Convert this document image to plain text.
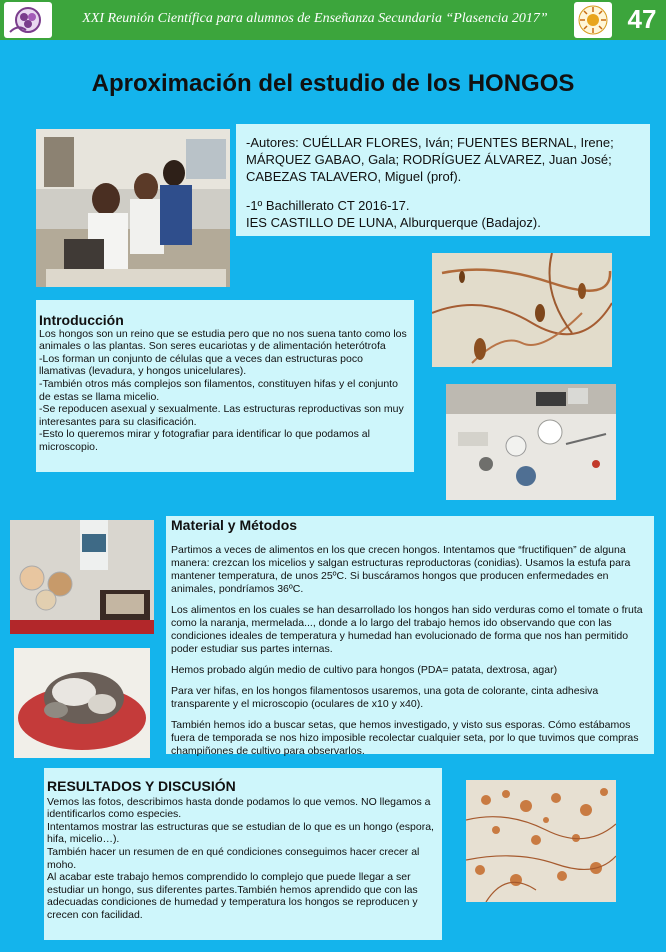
XXI Reunión Científica para alumnos de Enseñanza Secundaria “Plasencia 2017”	47
Aproximación del estudio de los HONGOS

-Autores: CUÉLLAR FLORES, Iván; FUENTES BERNAL, Irene; MÁRQUEZ GABAO, Gala; RODRÍGUEZ ÁLVAREZ, Juan José; CABEZAS TALAVERO, Miguel (prof).

-1º Bachillerato CT 2016-17.

IES CASTILLO DE LUNA, Alburquerque (Badajoz).

Introducción

Los hongos son un reino que se estudia pero que no nos suena tanto como los animales o las plantas. Son seres eucariotas y de alimentación heterótrofa

-Los forman un conjunto de células que a veces dan estructuras poco llamativas (levadura, y hongos unicelulares).

-También otros más complejos son filamentos, constituyen hifas y el conjunto de estas se llama micelio.

-Se repoducen asexual y sexualmente. Las estructuras reproductivas son muy interesantes para su clasificación.

-Esto lo queremos mirar y fotografiar para identificar lo que podamos al microscopio.

Material y Métodos

Partimos a veces de alimentos en los que crecen hongos. Intentamos que “fructifiquen” de alguna manera: crezcan los micelios y salgan estructuras reproductoras (conidias). Usamos la estufa para mantener temperatura, de unos 25ºC. Si buscáramos hongos que producen enfermedades en animales, pondríamos 36ºC.

Los alimentos en los cuales se han desarrollado los hongos han sido verduras como el tomate o fruta como la naranja, mermelada..., donde a lo largo del trabajo hemos ido observando que con las condiciones ideales de temperatura y humedad han evolucionado de forma que nos han permitido poder estudiar sus partes internas.

Hemos probado algún medio de cultivo para hongos (PDA= patata, dextrosa, agar)

Para ver hifas, en los hongos filamentosos usaremos, una gota de colorante, cinta adhesiva transparente y el microscopio (oculares de x10 y x40).

También hemos ido a buscar setas, que hemos investigado, y visto sus esporas. Cómo estábamos fuera de temporada se nos hizo imposible recolectar cualquier seta, por lo que tuvimos que compras champiñones de cultivo para observarlos.

RESULTADOS Y DISCUSIÓN

Vemos las fotos, describimos hasta donde podamos lo que vemos. NO llegamos a identificarlos como especies.

Intentamos mostrar las estructuras que se estudian de lo que es un hongo (espora, hifa, micelio…).

También hacer un resumen de en qué condiciones conseguimos hacer crecer al moho.

Al acabar este trabajo hemos comprendido lo complejo que puede llegar a ser estudiar un hongo, sus diferentes partes.También hemos aprendido que con las adecuadas condiciones de humedad y temperatura los hongos se reproducen y crecen con facilidad.
